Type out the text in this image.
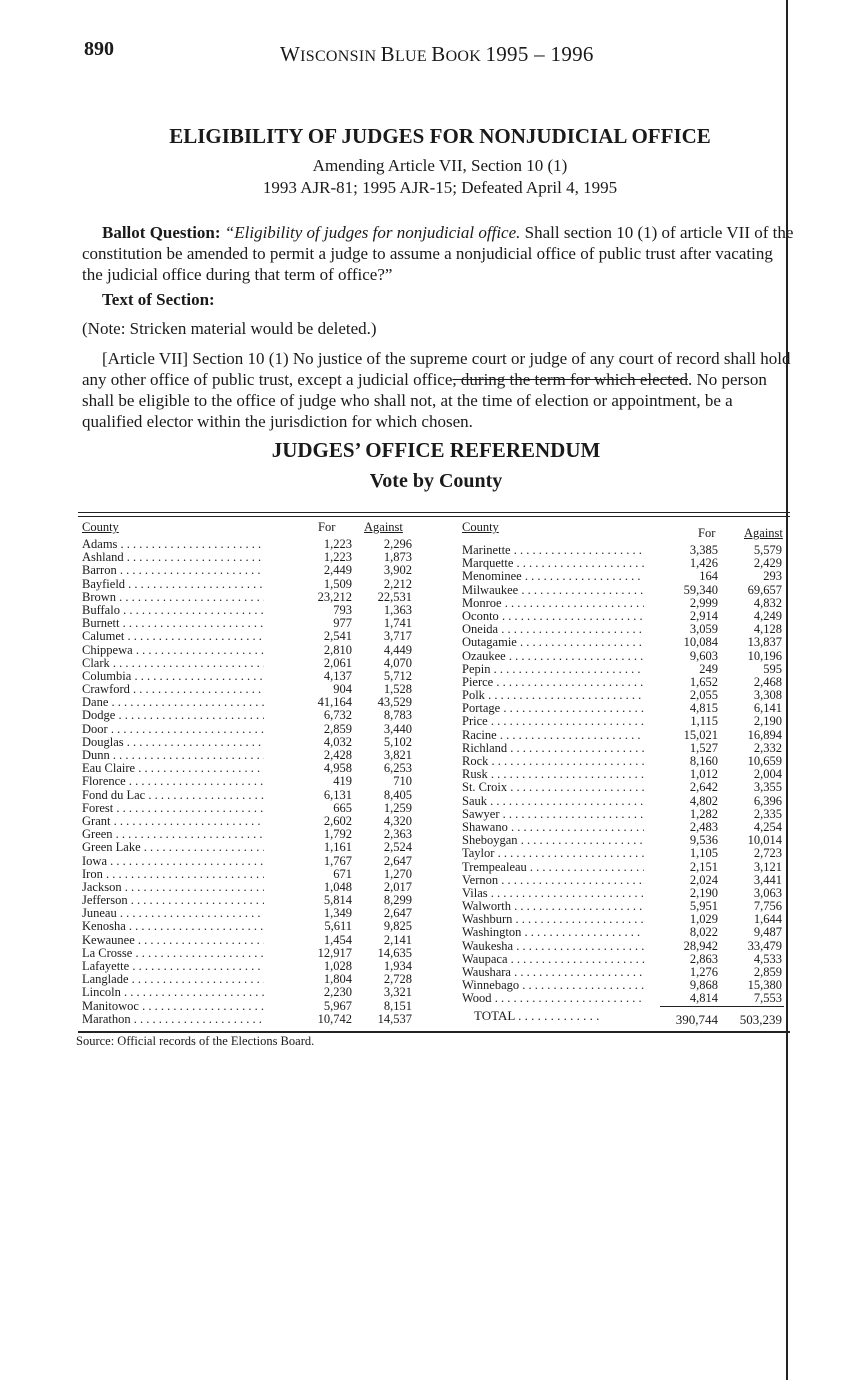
890	WISCONSIN BLUE BOOK 1995 – 1996
ELIGIBILITY OF JUDGES FOR NONJUDICIAL OFFICE
Amending Article VII, Section 10 (1)
1993 AJR-81; 1995 AJR-15; Defeated April 4, 1995
Ballot Question: “Eligibility of judges for nonjudicial office. Shall section 10 (1) of article VII of the constitution be amended to permit a judge to assume a nonjudicial office of public trust after vacating the judicial office during that term of office?”
Text of Section:
(Note: Stricken material would be deleted.)
[Article VII] Section 10 (1) No justice of the supreme court or judge of any court of record shall hold any other office of public trust, except a judicial office, during the term for which elected. No person shall be eligible to the office of judge who shall not, at the time of election or appointment, be a qualified elector within the jurisdiction for which chosen.
JUDGES’ OFFICE REFERENDUM
Vote by County
County	For Against
Adams . . .	1,223	2,296
Ashland . . .	1,223	1,873
Barron . . .	2,449	3,902
Bayfield . . .	1,509	2,212
Brown . . .	23,212	22,531
Buffalo . . .	793	1,363
Burnett . . .	977	1,741
Calumet . . .	2,541	3,717
Chippewa . . .	2,810	4,449
Clark . . .	2,061	4,070
Columbia . . .	4,137	5,712
Crawford . . .	904	1,528
Dane . . .	41,164	43,529
Dodge . . .	6,732	8,783
Door . . .	2,859	3,440
Douglas . . .	4,032	5,102
Dunn . . .	2,428	3,821
Eau Claire . . .	4,958	6,253
Florence . . .	419	710
Fond du Lac . . .	6,131	8,405
Forest . . .	665	1,259
Grant . . .	2,602	4,320
Green . . .	1,792	2,363
Green Lake . . .	1,161	2,524
Iowa . . .	1,767	2,647
Iron . . .	671	1,270
Jackson . . .	1,048	2,017
Jefferson . . .	5,814	8,299
Juneau . . .	1,349	2,647
Kenosha . . .	5,611	9,825
Kewaunee . . .	1,454	2,141
La Crosse . . .	12,917	14,635
Lafayette . . .	1,028	1,934
Langlade . . .	1,804	2,728
Lincoln . . .	2,230	3,321
Manitowoc . . .	5,967	8,151
Marathon . . .	10,742	14,537
County	For Against
Marinette . . .	3,385	5,579
Marquette . . .	1,426	2,429
Menominee . . .	164	293
Milwaukee . . .	59,340	69,657
Monroe . . .	2,999	4,832
Oconto . . .	2,914	4,249
Oneida . . .	3,059	4,128
Outagamie . . .	10,084	13,837
Ozaukee . . .	9,603	10,196
Pepin . . .	249	595
Pierce . . .	1,652	2,468
Polk . . .	2,055	3,308
Portage . . .	4,815	6,141
Price . . .	1,115	2,190
Racine . . .	15,021	16,894
Richland . . .	1,527	2,332
Rock . . .	8,160	10,659
Rusk . . .	1,012	2,004
St. Croix . . .	2,642	3,355
Sauk . . .	4,802	6,396
Sawyer . . .	1,282	2,335
Shawano . . .	2,483	4,254
Sheboygan . . .	9,536	10,014
Taylor . . .	1,105	2,723
Trempealeau . . .	2,151	3,121
Vernon . . .	2,024	3,441
Vilas . . .	2,190	3,063
Walworth . . .	5,951	7,756
Washburn . . .	1,029	1,644
Washington . . .	8,022	9,487
Waukesha . . .	28,942	33,479
Waupaca . . .	2,863	4,533
Waushara . . .	1,276	2,859
Winnebago . . .	9,868	15,380
Wood . . .	4,814	7,553
TOTAL . . .	390,744	503,239
Source: Official records of the Elections Board.
